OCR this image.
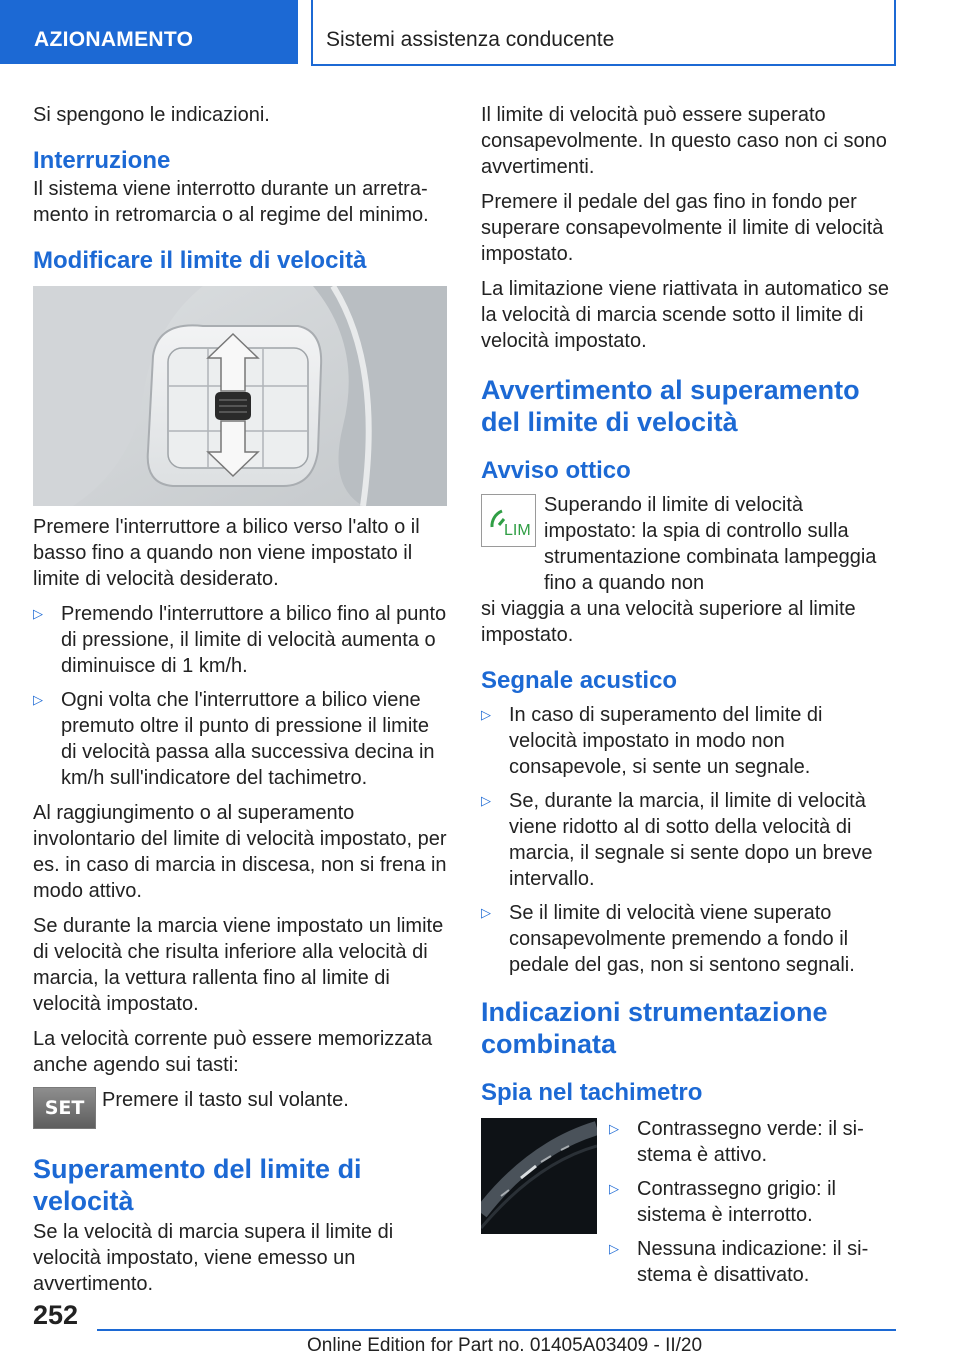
AZIONAMENTO	Sistemi assistenza conducente

Si spengono le indicazioni.

Interruzione

Il sistema viene interrotto durante un arretramento in retromarcia o al regime del minimo.

Modificare il limite di velocità

Premere l'interruttore a bilico verso l'alto o il basso fino a quando non viene impostato il limite di velocità desiderato.

▷ Premendo l'interruttore a bilico fino al punto di pressione, il limite di velocità aumenta o diminuisce di 1 km/h.
▷ Ogni volta che l'interruttore a bilico viene premuto oltre il punto di pressione il limite di velocità passa alla successiva decina in km/h sull'indicatore del tachimetro.

Al raggiungimento o al superamento involontario del limite di velocità impostato, per es. in caso di marcia in discesa, non si frena in modo attivo.

Se durante la marcia viene impostato un limite di velocità che risulta inferiore alla velocità di marcia, la vettura rallenta fino al limite di velocità impostato.

La velocità corrente può essere memorizzata anche agendo sui tasti:

SET Premere il tasto sul volante.

Superamento del limite di velocità

Se la velocità di marcia supera il limite di velocità impostato, viene emesso un avvertimento.

Il limite di velocità può essere superato consapevolmente. In questo caso non ci sono avvertimenti.

Premere il pedale del gas fino in fondo per superare consapevolmente il limite di velocità impostato.

La limitazione viene riattivata in automatico se la velocità di marcia scende sotto il limite di velocità impostato.

Avvertimento al superamento del limite di velocità
Avviso ottico
LIM

Superando il limite di velocità impostato: la spia di controllo sulla strumentazione combinata lampeggia fino a quando non

si viaggia a una velocità superiore al limite impostato.

Segnale acustico
▷ In caso di superamento del limite di velocità impostato in modo non consapevole, si sente un segnale.
▷ Se, durante la marcia, il limite di velocità viene ridotto al di sotto della velocità di marcia, il segnale si sente dopo un breve intervallo.
▷ Se il limite di velocità viene superato consapevolmente premendo a fondo il pedale del gas, non si sentono segnali.
Indicazioni strumentazione combinata
Spia nel tachimetro
▷ Contrassegno verde: il sistema è attivo.
▷ Contrassegno grigio: il sistema è interrotto.
▷ Nessuna indicazione: il sistema è disattivato.
252
Online Edition for Part no. 01405A03409 - II/20
